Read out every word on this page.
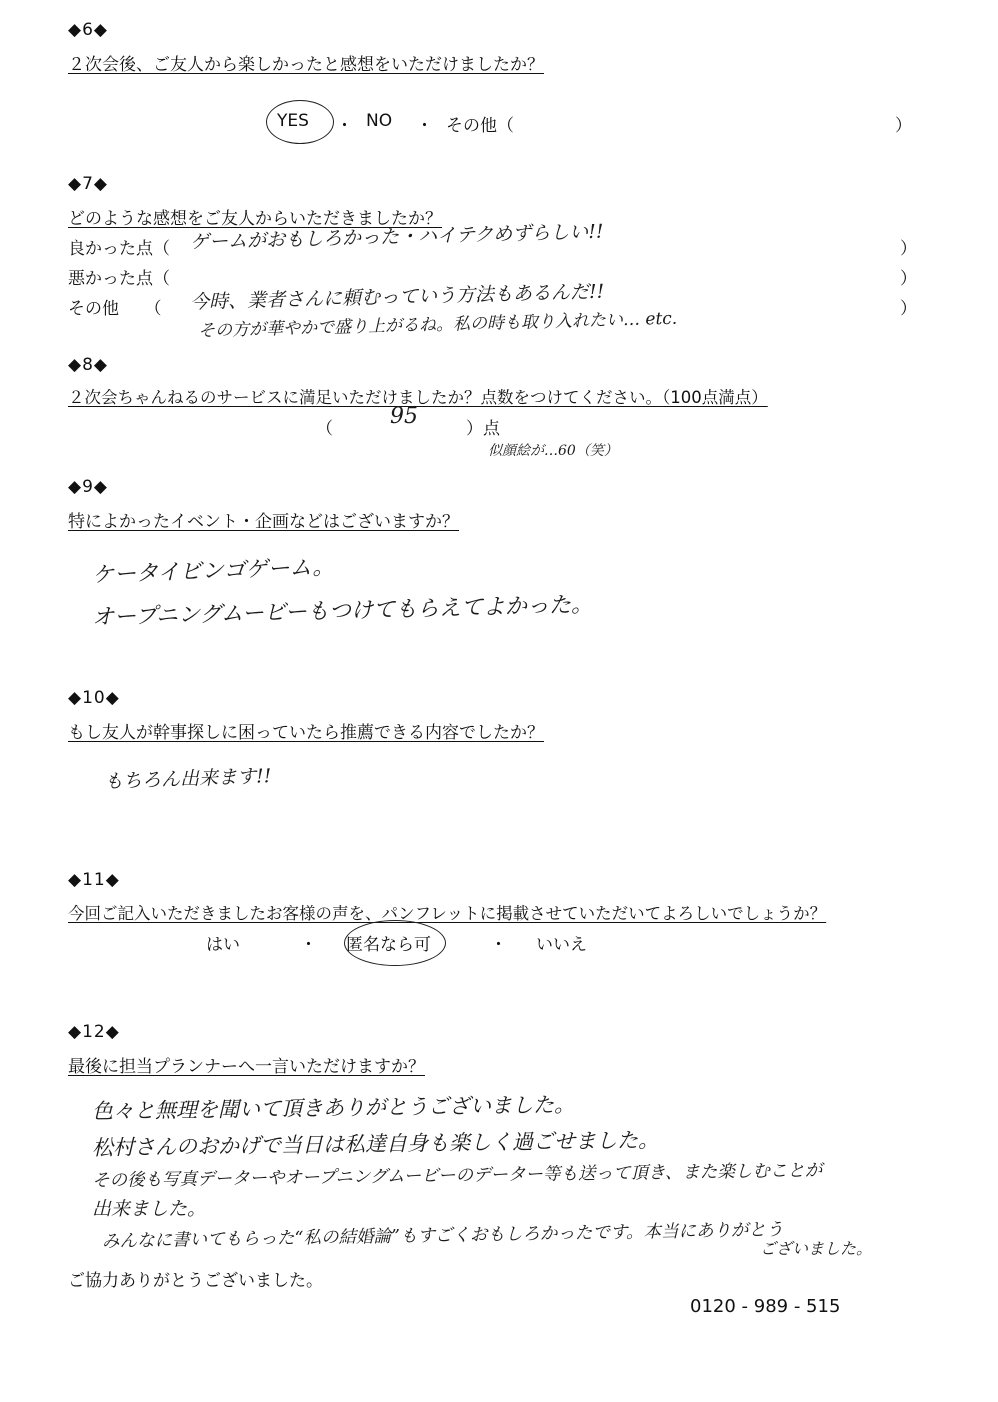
◆6◆
２次会後、ご友人から楽しかったと感想をいただけましたか？
YES ・ NO ・ その他（	）
◆7◆
どのような感想をご友人からいただきましたか？
良かった点（ ゲームがおもしろかった・ハイテクめずらしい!!	）
悪かった点（	）
その他　　（ 今時、業者さんに頼むっていう方法もあるんだ!!
その方が華やかで盛り上がるね。私の時も取り入れたい… etc.	）
◆8◆
２次会ちゃんねるのサービスに満足いただけましたか？点数をつけてください。（100点満点）
（	95	）点
似顔絵が…60（笑）
◆9◆
特によかったイベント・企画などはございますか？
ケータイビンゴゲーム。
オープニングムービーもつけてもらえてよかった。
◆10◆
もし友人が幹事探しに困っていたら推薦できる内容でしたか？
もちろん出来ます!!
◆11◆
今回ご記入いただきましたお客様の声を、パンフレットに掲載させていただいてよろしいでしょうか？
はい	・ 匿名なら可	・ いいえ
◆12◆
最後に担当プランナーへ一言いただけますか？
色々と無理を聞いて頂きありがとうございました。
松村さんのおかげで当日は私達自身も楽しく過ごせました。
その後も写真データーやオープニングムービーのデーター等も送って頂き、また楽しむことが
出来ました。
みんなに書いてもらった“私の結婚論”もすごくおもしろかったです。本当にありがとう
ございました。
ご協力ありがとうございました。
0120 - 989 - 515
